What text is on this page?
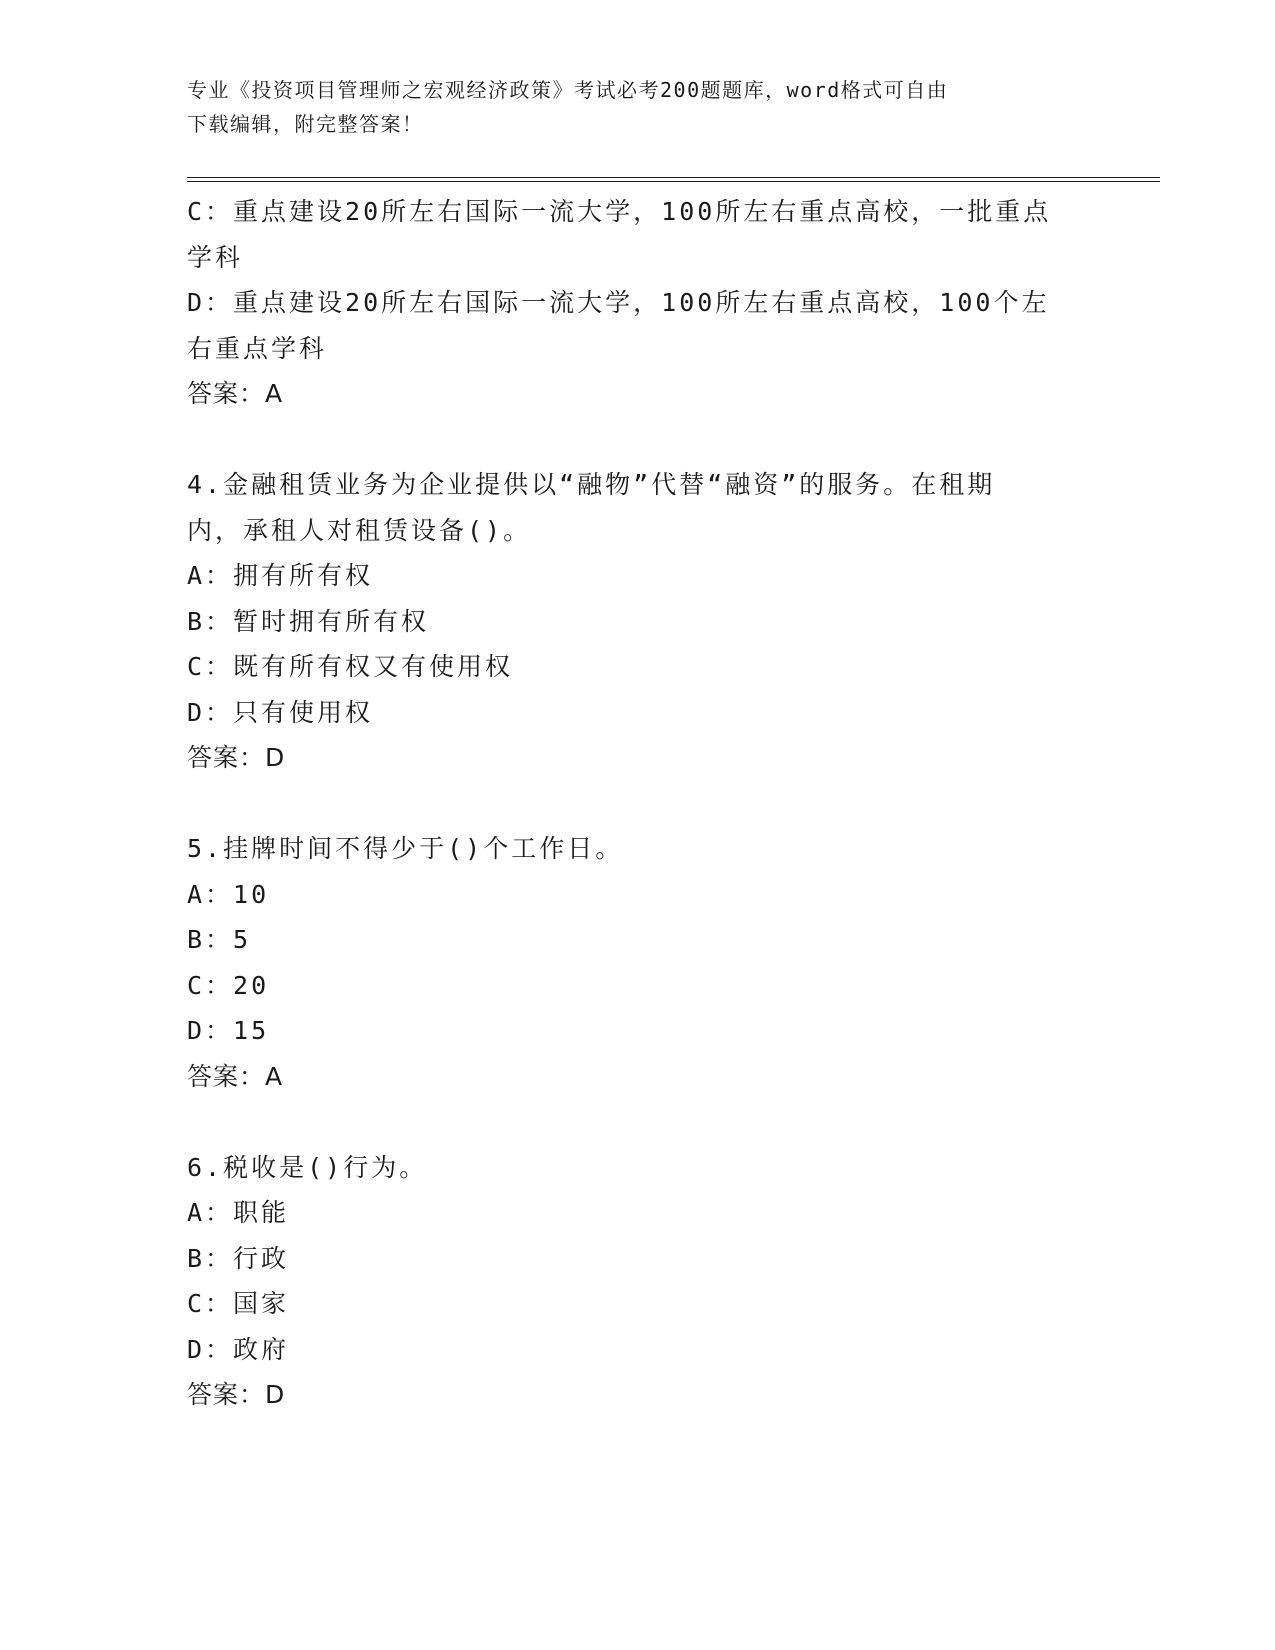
专业《投资项目管理师之宏观经济政策》考试必考200题题库，word格式可自由
下载编辑，附完整答案！
C：重点建设20所左右国际一流大学，100所左右重点高校，一批重点
学科
D：重点建设20所左右国际一流大学，100所左右重点高校，100个左
右重点学科
答案：A
4.金融租赁业务为企业提供以“融物”代替“融资”的服务。在租期
内，承租人对租赁设备()。
A：拥有所有权
B：暂时拥有所有权
C：既有所有权又有使用权
D：只有使用权
答案：D
5.挂牌时间不得少于()个工作日。
A：10
B：5
C：20
D：15
答案：A
6.税收是()行为。
A：职能
B：行政
C：国家
D：政府
答案：D
